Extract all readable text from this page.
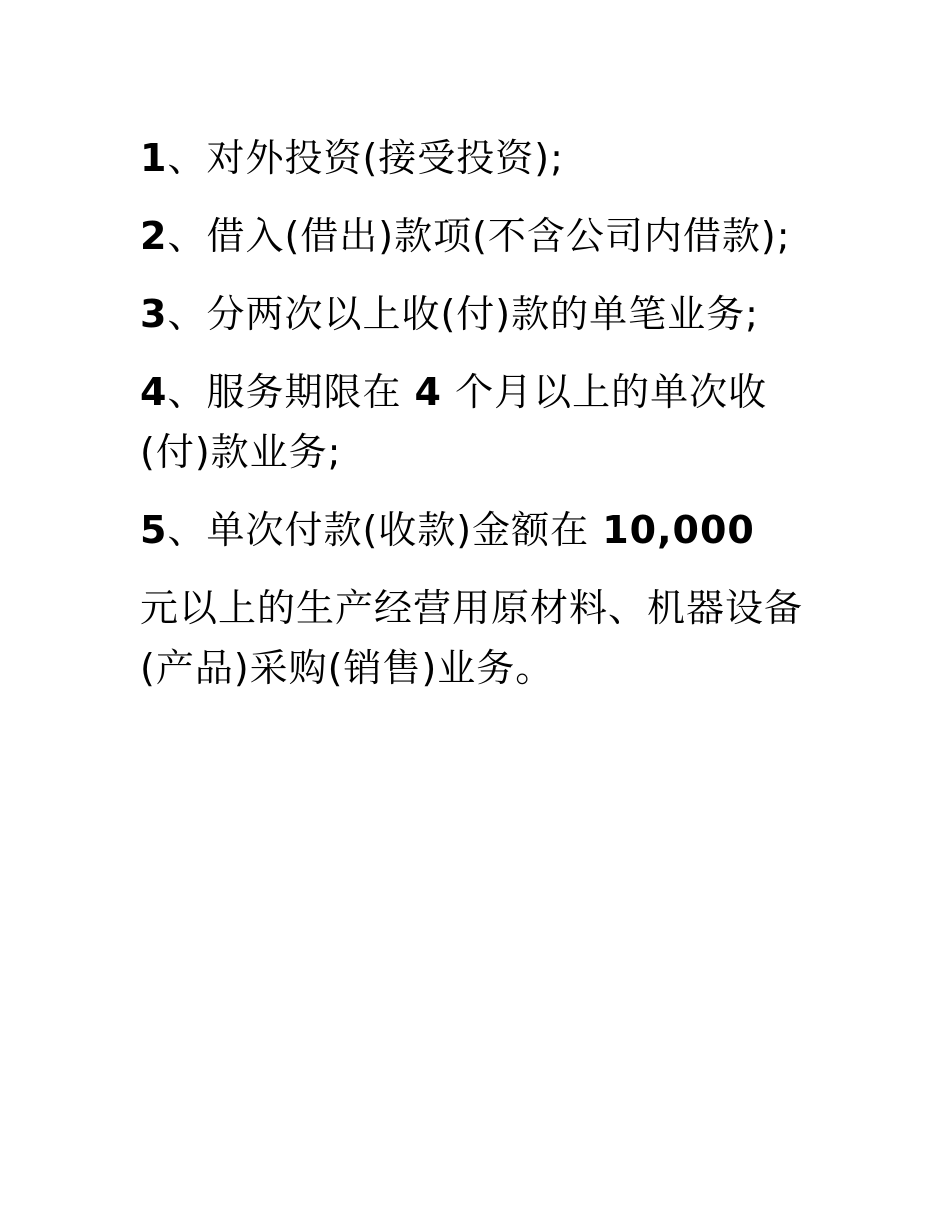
1、对外投资(接受投资);

2、借入(借出)款项(不含公司内借款);

3、分两次以上收(付)款的单笔业务;

4、服务期限在 4 个月以上的单次收(付)款业务;

5、单次付款(收款)金额在 10,000

元以上的生产经营用原材料、机器设备(产品)采购(销售)业务。
